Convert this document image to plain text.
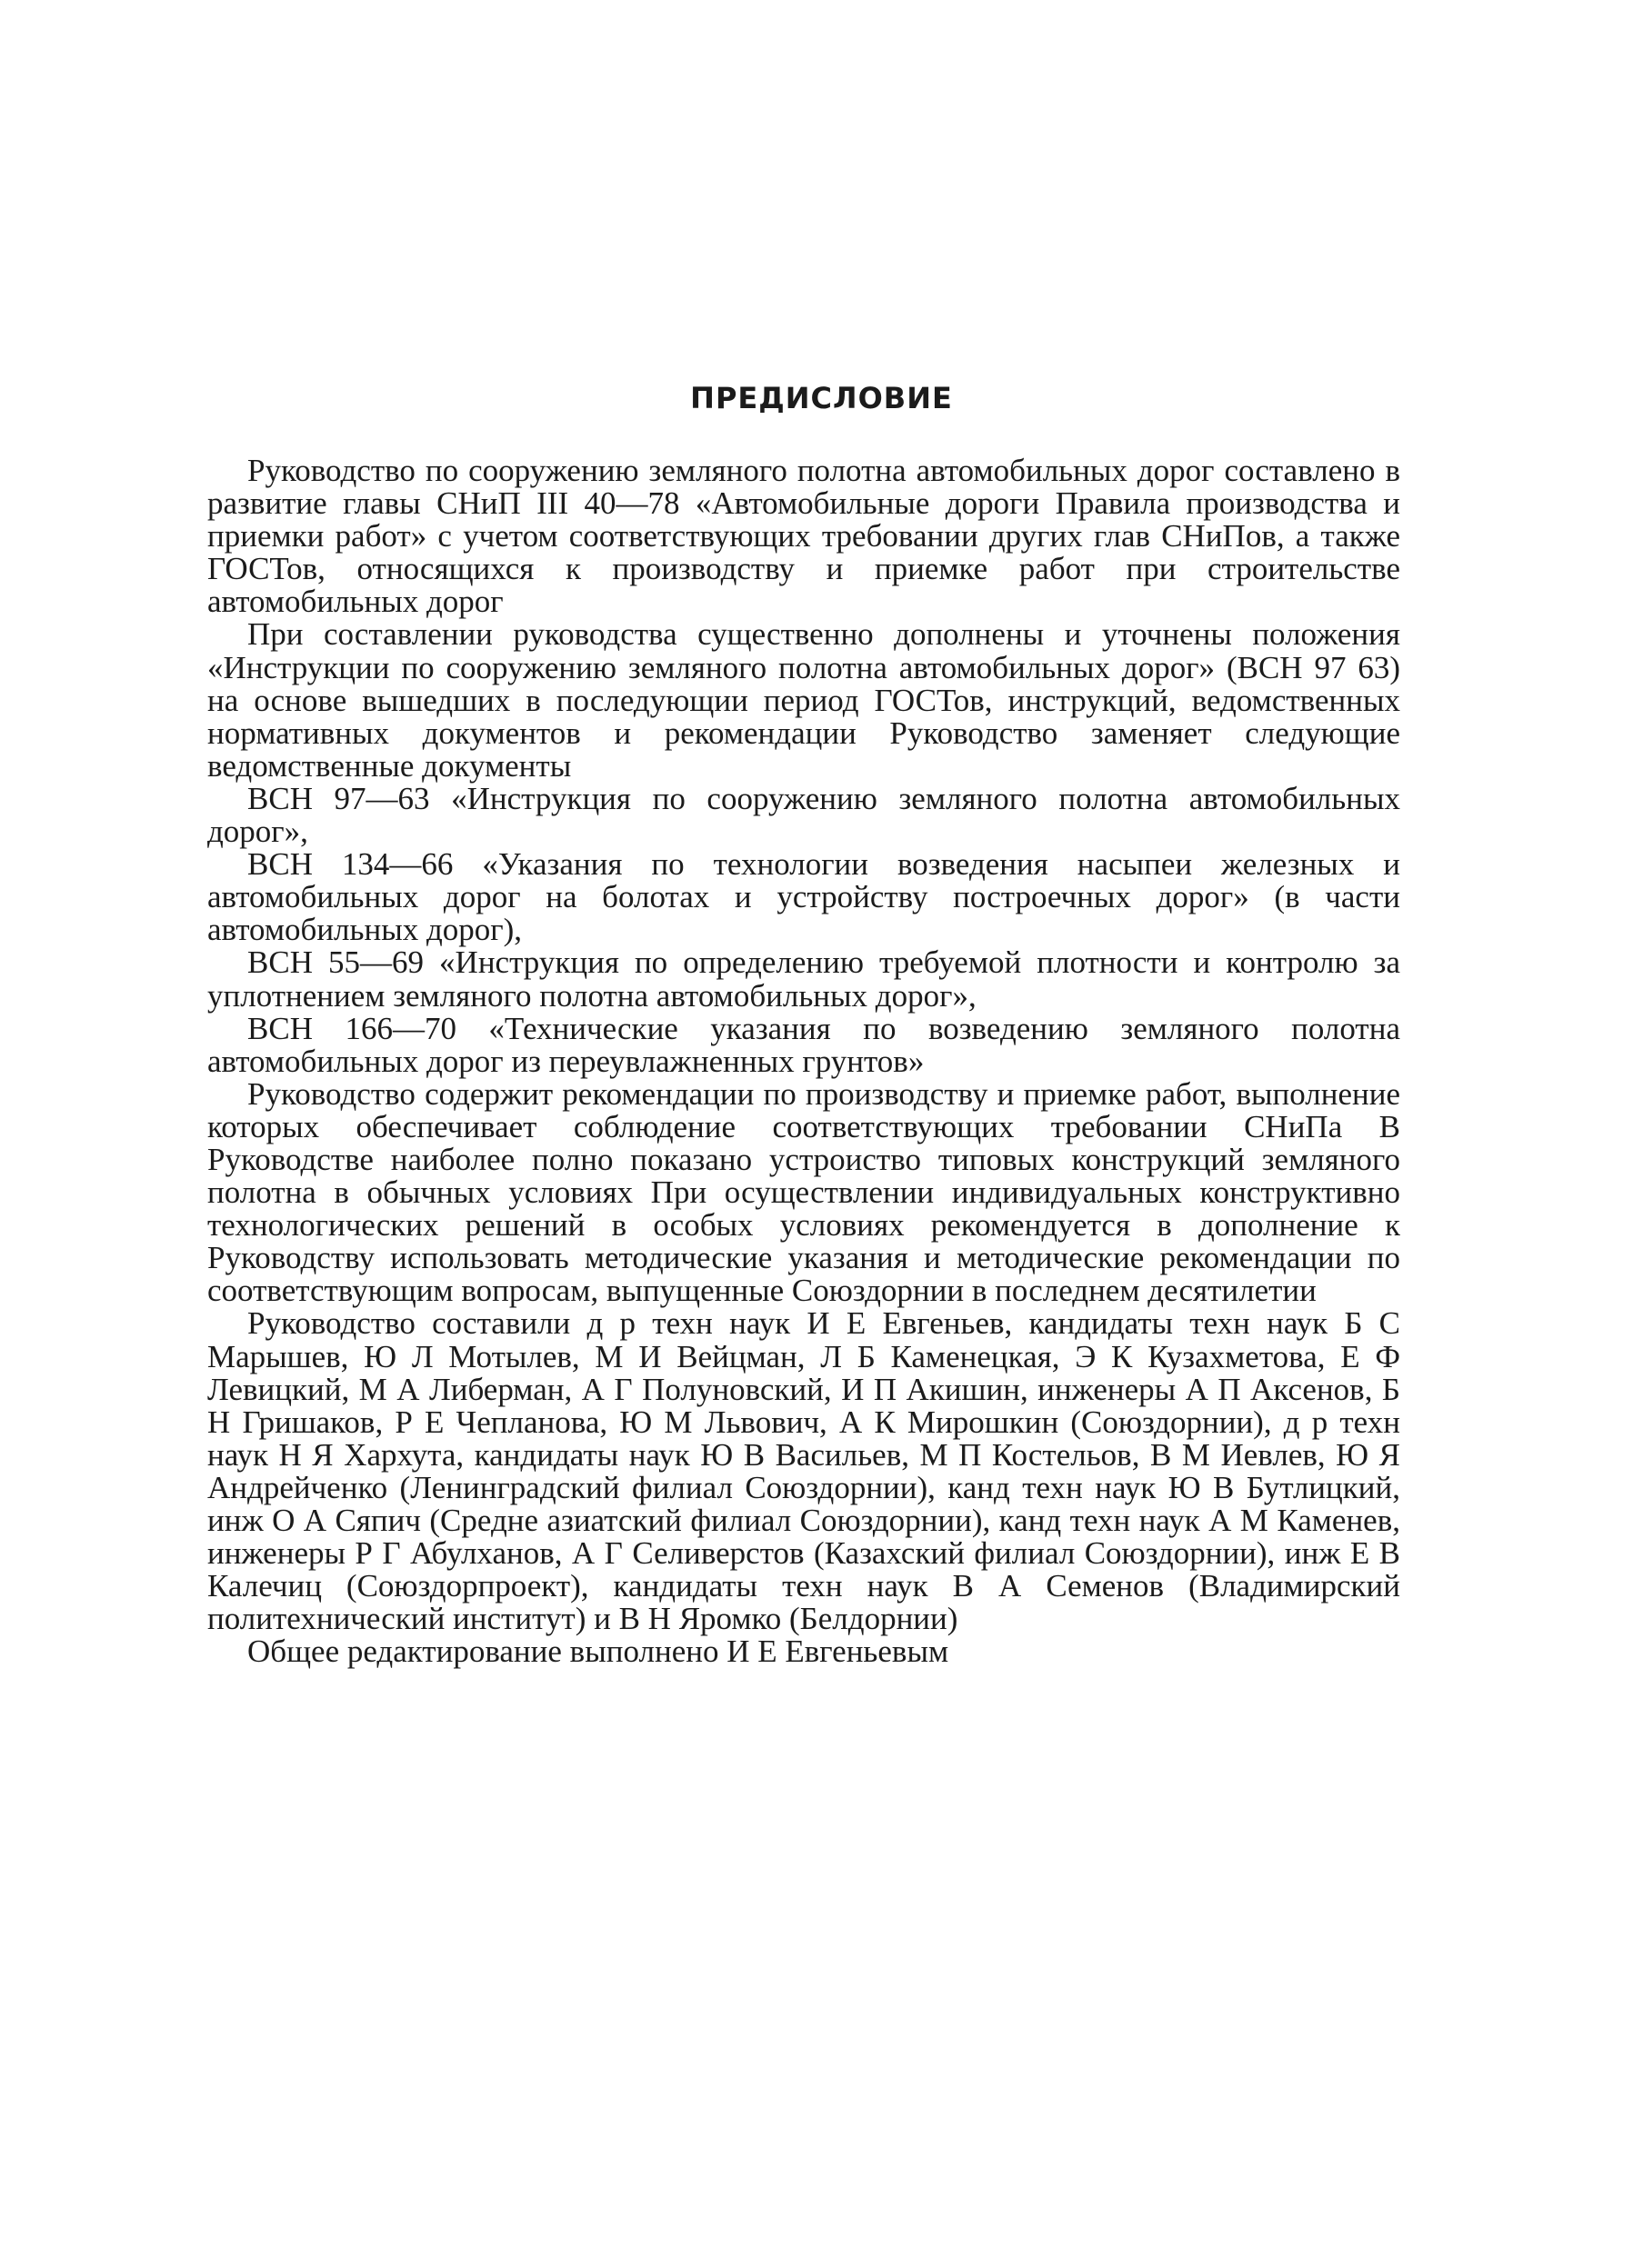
ПРЕДИСЛОВИЕ

Руководство по сооружению земляного полотна автомобильных дорог составлено в развитие главы СНиП III 40—78 «Автомобильные дороги Правила производства и приемки работ» с учетом соответствующих требовании других глав СНиПов, а также ГОСТов, относящихся к производству и приемке работ при строительстве автомобильных дорог

При составлении руководства существенно дополнены и уточнены положения «Инструкции по сооружению земляного полотна автомобильных дорог» (ВСН 97 63) на основе вышедших в последующии период ГОСТов, инструкций, ведомственных нормативных документов и рекомендации Руководство заменяет следующие ведомственные документы

ВСН 97—63 «Инструкция по сооружению земляного полотна автомобильных дорог»,

ВСН 134—66 «Указания по технологии возведения насыпеи железных и автомобильных дорог на болотах и устройству построечных дорог» (в части автомобильных дорог),

ВСН 55—69 «Инструкция по определению требуемой плотности и контролю за уплотнением земляного полотна автомобильных дорог»,

ВСН 166—70 «Технические указания по возведению земляного полотна автомобильных дорог из переувлажненных грунтов»

Руководство содержит рекомендации по производству и приемке работ, выполнение которых обеспечивает соблюдение соответствующих требовании СНиПа В Руководстве наиболее полно показано устроиство типовых конструкций земляного полотна в обычных условиях При осуществлении индивидуальных конструктивно технологических решений в особых условиях рекомендуется в дополнение к Руководству использовать методические указания и методические рекомендации по соответствующим вопросам, выпущенные Союздорнии в последнем десятилетии

Руководство составили д р техн наук И Е Евгеньев, кандидаты техн наук Б С Марышев, Ю Л Мотылев, М И Вейцман, Л Б Каменецкая, Э К Кузахметова, Е Ф Левицкий, М А Либерман, А Г Полуновский, И П Акишин, инженеры А П Аксенов, Б Н Гришаков, Р Е Чепланова, Ю М Львович, А К Мирошкин (Союздорнии), д р техн наук Н Я Хархута, кандидаты наук Ю В Васильев, М П Костельов, В М Иевлев, Ю Я Андрейченко (Ленинградский филиал Союздорнии), канд техн наук Ю В Бутлицкий, инж О А Сяпич (Средне азиатский филиал Союздорнии), канд техн наук А М Каменев, инженеры Р Г Абулханов, А Г Селиверстов (Казахский филиал Союздорнии), инж Е В Калечиц (Союздорпроект), кандидаты техн наук В А Семенов (Владимирский политехнический институт) и В Н Яромко (Белдорнии)

Общее редактирование выполнено И Е Евгеньевым
